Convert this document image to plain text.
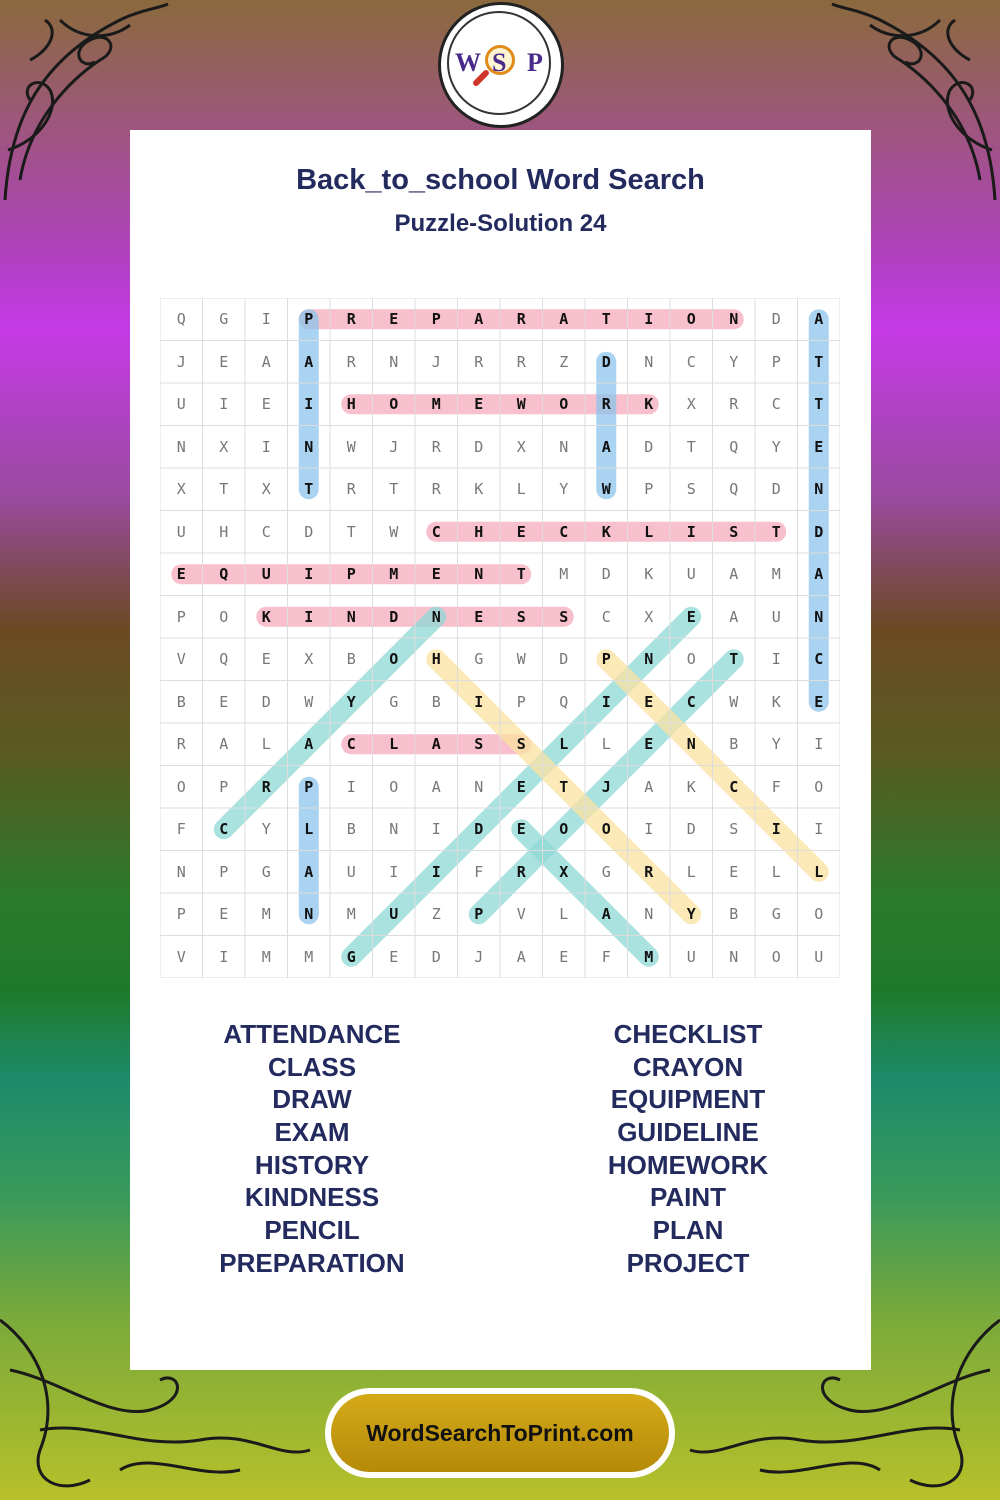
W S P
Back_to_school Word Search
Puzzle-Solution 24
Q	G	I	P	R	E	P	A	R	A	T	I	O	N	D	A
J	E	A	A	R	N	J	R	R	Z	D	N	C	Y	P	T
U	I	E	I	H	O	M	E	W	O	R	K	X	R	C	T
N	X	I	N	W	J	R	D	X	N	A	D	T	Q	Y	E
X	T	X	T	R	T	R	K	L	Y	W	P	S	Q	D	N
U	H	C	D	T	W	C	H	E	C	K	L	I	S	T	D
E	Q	U	I	P	M	E	N	T	M	D	K	U	A	M	A
P	O	K	I	N	D	N	E	S	S	C	X	E	A	U	N
V	Q	E	X	B	O	H	G	W	D	P	N	O	T	I	C
B	E	D	W	Y	G	B	I	P	Q	I	E	C	W	K	E
R	A	L	A	C	L	A	S	S	L	L	E	N	B	Y	I
O	P	R	P	I	O	A	N	E	T	J	A	K	C	F	O
F	C	Y	L	B	N	I	D	E	O	O	I	D	S	I	I
N	P	G	A	U	I	I	F	R	X	G	R	L	E	L	L
P	E	M	N	M	U	Z	P	V	L	A	N	Y	B	G	O
V	I	M	M	G	E	D	J	A	E	F	M	U	N	O	U
ATTENDANCE
CLASS
DRAW
EXAM
HISTORY
KINDNESS
PENCIL
PREPARATION
CHECKLIST
CRAYON
EQUIPMENT
GUIDELINE
HOMEWORK
PAINT
PLAN
PROJECT
WordSearchToPrint.com
